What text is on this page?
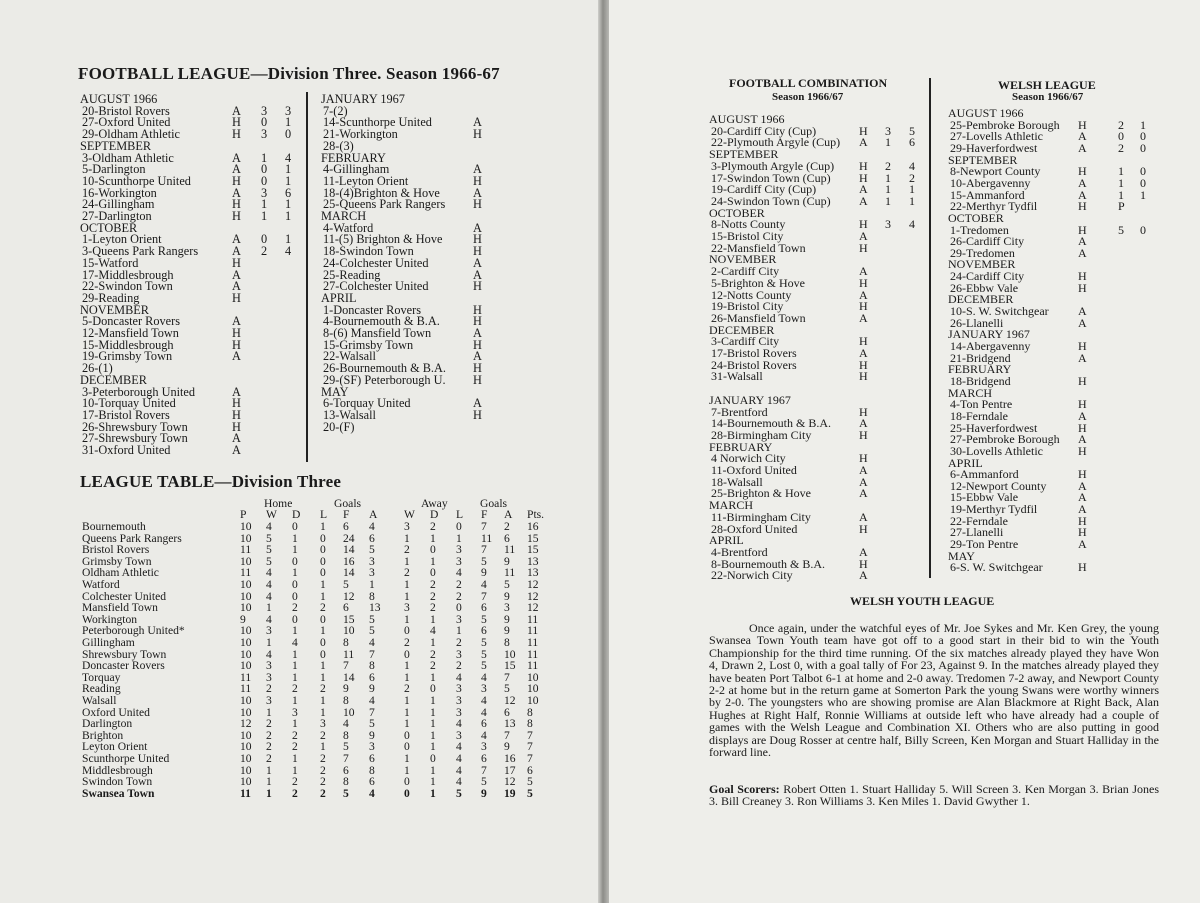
FOOTBALL LEAGUE—Division Three. Season 1966-67
AUGUST 1966
20-Bristol Rovers	A 3 3
27-Oxford United	H 0 1
29-Oldham Athletic	H 3 0
SEPTEMBER
3-Oldham Athletic	A 1 4
5-Darlington	A 0 1
10-Scunthorpe United	H 0 1
16-Workington	A 3 6
24-Gillingham	H 1 1
27-Darlington	H 1 1
OCTOBER
1-Leyton Orient	A 0 1
3-Queens Park Rangers	A 2 4
15-Watford	H
17-Middlesbrough	A
22-Swindon Town	A
29-Reading	H
NOVEMBER
5-Doncaster Rovers	A
12-Mansfield Town	H
15-Middlesbrough	H
19-Grimsby Town	A
26-(1)
DECEMBER
3-Peterborough United	A
10-Torquay United	H
17-Bristol Rovers	H
26-Shrewsbury Town	H
27-Shrewsbury Town	A
31-Oxford United	A
JANUARY 1967
7-(2)
14-Scunthorpe United	A
21-Workington	H
28-(3)
FEBRUARY
4-Gillingham	A
11-Leyton Orient	H
18-(4)Brighton & Hove	A
25-Queens Park Rangers H
MARCH
4-Watford	A
11-(5) Brighton & Hove H
18-Swindon Town	H
24-Colchester United	A
25-Reading	A
27-Colchester United	H
APRIL
1-Doncaster Rovers	H
4-Bournemouth & B.A.	H
8-(6) Mansfield Town	A
15-Grimsby Town	H
22-Walsall	A
26-Bournemouth & B.A. H
29-(SF) Peterborough U. H
MAY
6-Torquay United	A
13-Walsall	H
20-(F)
LEAGUE TABLE—Division Three
Home	Goals	Away	Goals
P W D L F A W D L F A Pts.
Bournemouth	10 4 0 1 6 4	3 2 0 7 2 16
Queens Park Rangers	10 5 1 0 24 6	1 1 1 11 6 15
Bristol Rovers	11 5 1 0 14 5	2 0 3 7 11 15
Grimsby Town	10 5 0 0 16 3	1 1 3 5 9 13
Oldham Athletic	11 4 1 0 14 3	2 0 4 9 11 13
Watford	10 4 0 1 5 1	1 2 2 4 5 12
Colchester United	10 4 0 1 12 8	1 2 2 7 9 12
Mansfield Town	10 1 2 2 6 13 3 2 0 6 3 12
Workington	9 4 0 0 15 5	1 1 3 5 9 11
Peterborough United*	10 3 1 1 10 5	0 4 1 6 9 11
Gillingham	10 1 4 0 8 4	2 1 2 5 8 11
Shrewsbury Town	10 4 1 0 11 7	0 2 3 5 10 11
Doncaster Rovers	10 3 1 1 7 8	1 2 2 5 15 11
Torquay	11 3 1 1 14 6	1 1 4 4 7 10
Reading	11 2 2 2 9 9	2 0 3 3 5 10
Walsall	10 3 1 1 8 4	1 1 3 4 12 10
Oxford United	10 1 3 1 10 7	1 1 3 4 6 8
Darlington	12 2 1 3 4 5	1 1 4 6 13 8
Brighton	10 2 2 2 8 9	0 1 3 4 7 7
Leyton Orient	10 2 2 1 5 3	0 1 4 3 9 7
Scunthorpe United	10 2 1 2 7 6	1 0 4 6 16 7
Middlesbrough	10 1 1 2 6 8	1 1 4 7 17 6
Swindon Town	10 1 2 2 8 6	0 1 4 5 12 5
Swansea Town	11 1 2 2 5 4	0 1 5 9 19 5
FOOTBALL COMBINATION
Season 1966/67
AUGUST 1966
20-Cardiff City (Cup)	H 3 5
22-Plymouth Argyle (Cup) A 1 6
SEPTEMBER
3-Plymouth Argyle (Cup) H 2 4
17-Swindon Town (Cup) H 1 2
19-Cardiff City (Cup)	A 1 1
24-Swindon Town (Cup) A 1 1
OCTOBER
8-Notts County	H 3 4
15-Bristol City	A
22-Mansfield Town	H
NOVEMBER
2-Cardiff City	A
5-Brighton & Hove	H
12-Notts County	A
19-Bristol City	H
26-Mansfield Town	A
DECEMBER
3-Cardiff City	H
17-Bristol Rovers	A
24-Bristol Rovers	H
31-Walsall	H
JANUARY 1967
7-Brentford	H
14-Bournemouth & B.A. A
28-Birmingham City	H
FEBRUARY
4 Norwich City	H
11-Oxford United	A
18-Walsall	A
25-Brighton & Hove	A
MARCH
11-Birmingham City	A
28-Oxford United	H
APRIL
4-Brentford	A
8-Bournemouth & B.A.	H
22-Norwich City	A
WELSH LEAGUE
Season 1966/67
AUGUST 1966
25-Pembroke Borough H	2 1
27-Lovells Athletic	A	0 0
29-Haverfordwest	A	2 0
SEPTEMBER
8-Newport County	H	1 0
10-Abergavenny	A	1 0
15-Ammanford	A	1 1
22-Merthyr Tydfil	H	P
OCTOBER
1-Tredomen	H	5 0
26-Cardiff City	A
29-Tredomen	A
NOVEMBER
24-Cardiff City	H
26-Ebbw Vale	H
DECEMBER
10-S. W. Switchgear A
26-Llanelli	A
JANUARY 1967
14-Abergavenny	H
21-Bridgend	A
FEBRUARY
18-Bridgend	H
MARCH
4-Ton Pentre	H
18-Ferndale	A
25-Haverfordwest	H
27-Pembroke Borough A
30-Lovells Athletic	H
APRIL
6-Ammanford	H
12-Newport County	A
15-Ebbw Vale	A
19-Merthyr Tydfil	A
22-Ferndale	H
27-Llanelli	H
29-Ton Pentre	A
MAY
6-S. W. Switchgear	H
WELSH YOUTH LEAGUE

Once again, under the watchful eyes of Mr. Joe Sykes and Mr. Ken Grey, the young Swansea Town Youth team have got off to a good start in their bid to win the Youth Championship for the third time running. Of the six matches already played they have Won 4, Drawn 2, Lost 0, with a goal tally of For 23, Against 9. In the matches already played they have beaten Port Talbot 6-1 at home and 2-0 away. Tredomen 7-2 away, and Newport County 2-2 at home but in the return game at Somerton Park the young Swans were worthy winners by 2-0. The youngsters who are showing promise are Alan Blackmore at Right Back, Alan Hughes at Right Half, Ronnie Williams at outside left who have already had a couple of games with the Welsh League and Combination XI. Others who are also putting in good displays are Doug Rosser at centre half, Billy Screen, Ken Morgan and Stuart Halliday in the forward line.

Goal Scorers: Robert Otten 1. Stuart Halliday 5. Will Screen 3. Ken Morgan 3. Brian Jones 3. Bill Creaney 3. Ron Williams 3. Ken Miles 1. David Gwyther 1.
